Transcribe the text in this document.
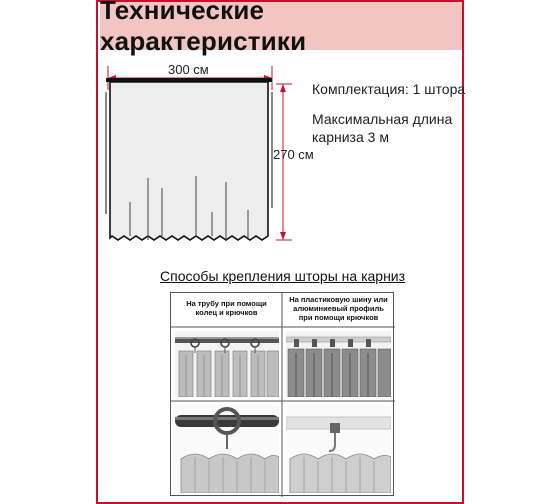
Технические характеристики
300 см
270 см
Комплектация: 1 штора
Максимальная длина
карниза 3 м
Способы крепления шторы на карниз
На трубу при помощи
колец и крючков
На пластиковую шину или
алюминиевый профиль
при помощи крючков
